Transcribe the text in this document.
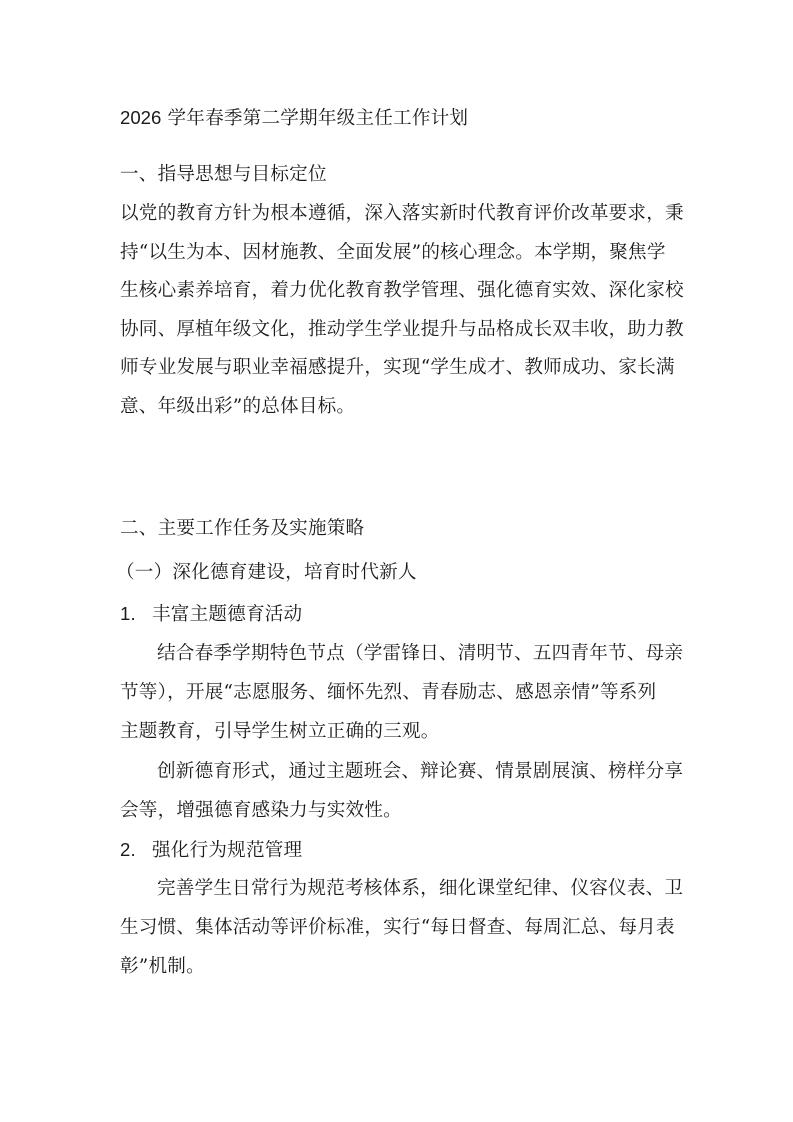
2026 学年春季第二学期年级主任工作计划
一、指导思想与目标定位
以党的教育方针为根本遵循，深入落实新时代教育评价改革要求，秉
持“以生为本、因材施教、全面发展”的核心理念。本学期，聚焦学
生核心素养培育，着力优化教育教学管理、强化德育实效、深化家校
协同、厚植年级文化，推动学生学业提升与品格成长双丰收，助力教
师专业发展与职业幸福感提升，实现“学生成才、教师成功、家长满
意、年级出彩”的总体目标。
二、主要工作任务及实施策略
（一）深化德育建设，培育时代新人
1. 丰富主题德育活动
结合春季学期特色节点（学雷锋日、清明节、五四青年节、母亲
节等），开展“志愿服务、缅怀先烈、青春励志、感恩亲情”等系列
主题教育，引导学生树立正确的三观。
创新德育形式，通过主题班会、辩论赛、情景剧展演、榜样分享
会等，增强德育感染力与实效性。
2. 强化行为规范管理
完善学生日常行为规范考核体系，细化课堂纪律、仪容仪表、卫
生习惯、集体活动等评价标准，实行“每日督查、每周汇总、每月表
彰”机制。
